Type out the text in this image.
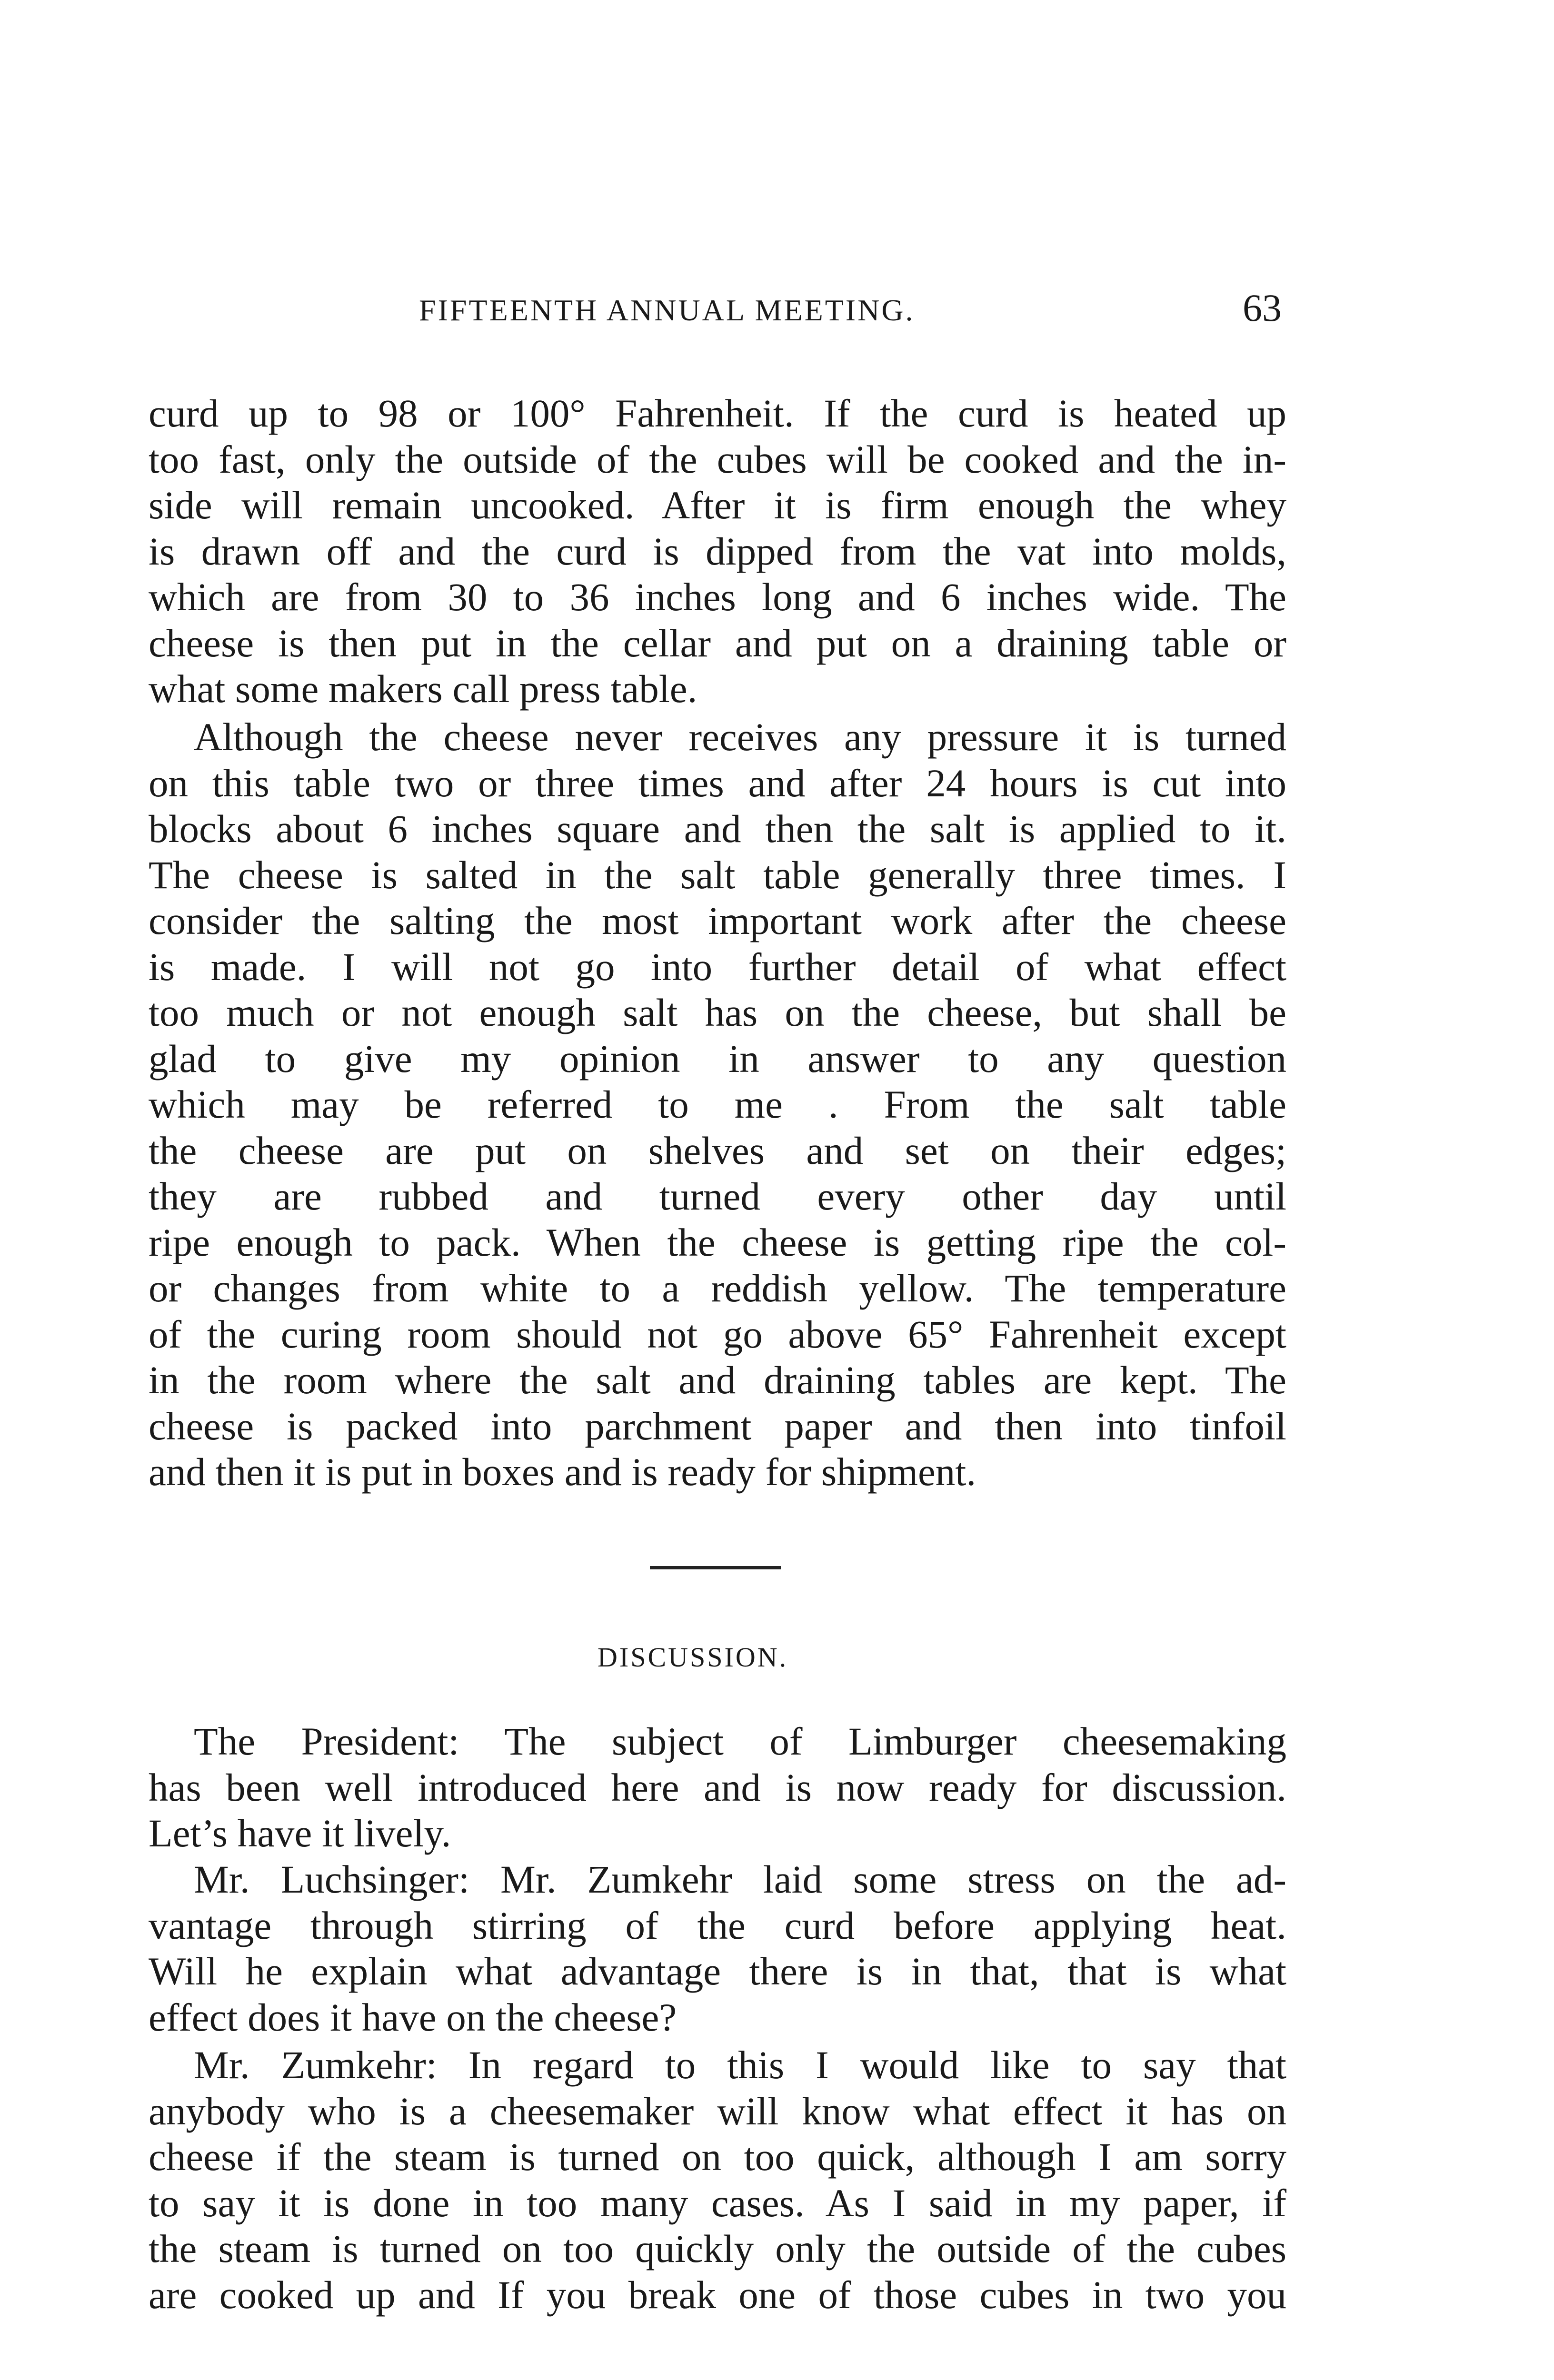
FIFTEENTH ANNUAL MEETING.	63
curd up to 98 or 100° Fahrenheit. If the curd is heated up
too fast, only the outside of the cubes will be cooked and the in-
side will remain uncooked. After it is firm enough the whey
is drawn off and the curd is dipped from the vat into molds,
which are from 30 to 36 inches long and 6 inches wide. The
cheese is then put in the cellar and put on a draining table or
what some makers call press table.
Although the cheese never receives any pressure it is turned
on this table two or three times and after 24 hours is cut into
blocks about 6 inches square and then the salt is applied to it.
The cheese is salted in the salt table generally three times. I
consider the salting the most important work after the cheese
is made. I will not go into further detail of what effect
too much or not enough salt has on the cheese, but shall be
glad to give my opinion in answer to any question
which may be referred to me . From the salt table
the cheese are put on shelves and set on their edges;
they are rubbed and turned every other day until
ripe enough to pack. When the cheese is getting ripe the col-
or changes from white to a reddish yellow. The temperature
of the curing room should not go above 65° Fahrenheit except
in the room where the salt and draining tables are kept. The
cheese is packed into parchment paper and then into tinfoil
and then it is put in boxes and is ready for shipment.
DISCUSSION.
The President: The subject of Limburger cheesemaking
has been well introduced here and is now ready for discussion.
Let’s have it lively.
Mr. Luchsinger: Mr. Zumkehr laid some stress on the ad-
vantage through stirring of the curd before applying heat.
Will he explain what advantage there is in that, that is what
effect does it have on the cheese?
Mr. Zumkehr: In regard to this I would like to say that
anybody who is a cheesemaker will know what effect it has on
cheese if the steam is turned on too quick, although I am sorry
to say it is done in too many cases. As I said in my paper, if
the steam is turned on too quickly only the outside of the cubes
are cooked up and If you break one of those cubes in two you
